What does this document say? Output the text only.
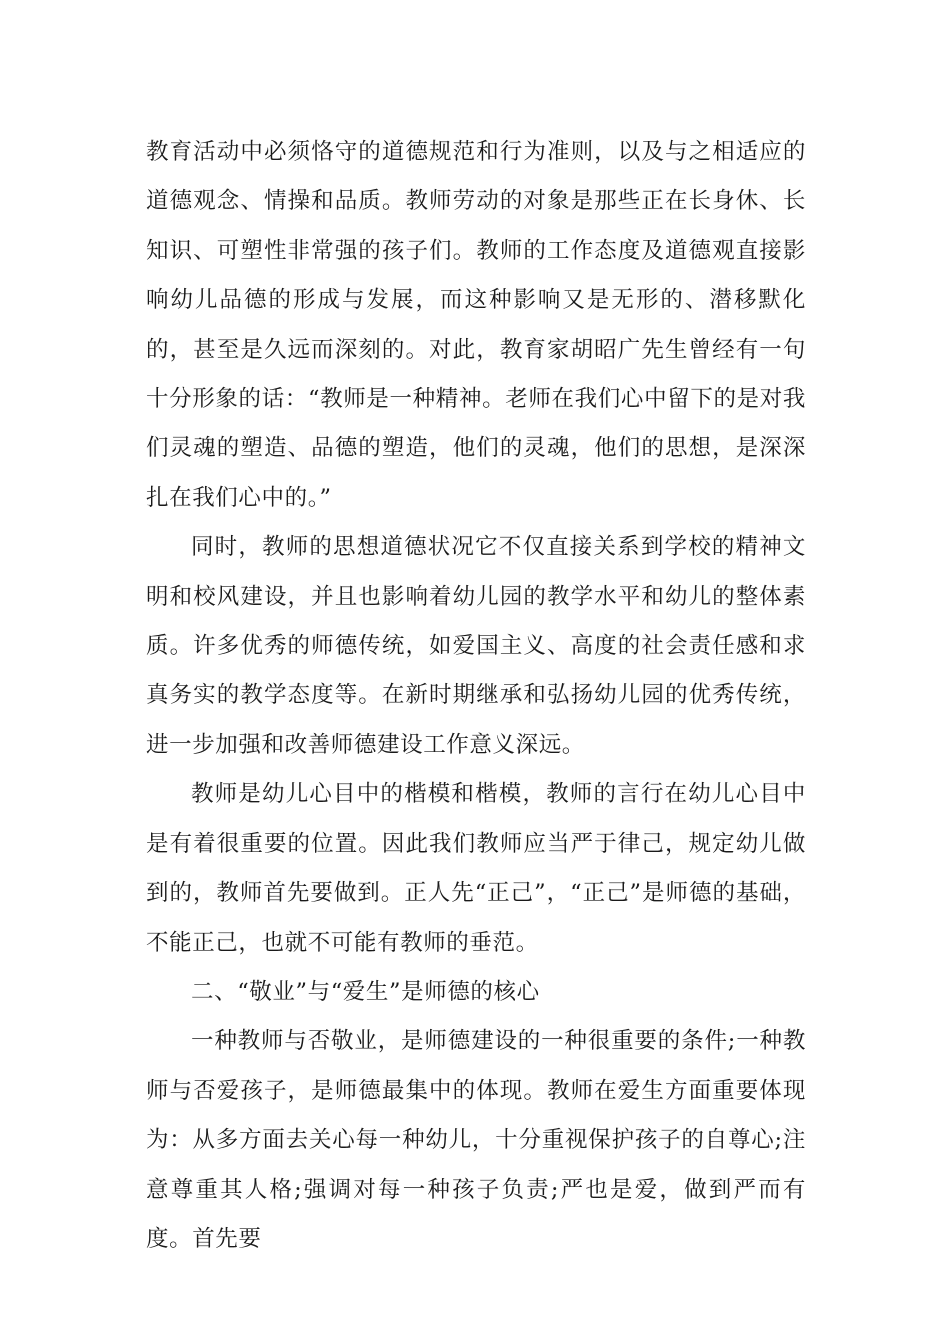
教育活动中必须恪守的道德规范和行为准则，以及与之相适应的道德观念、情操和品质。教师劳动的对象是那些正在长身休、长知识、可塑性非常强的孩子们。教师的工作态度及道德观直接影响幼儿品德的形成与发展，而这种影响又是无形的、潜移默化的，甚至是久远而深刻的。对此，教育家胡昭广先生曾经有一句十分形象的话：“教师是一种精神。老师在我们心中留下的是对我们灵魂的塑造、品德的塑造，他们的灵魂，他们的思想，是深深扎在我们心中的。”

同时，教师的思想道德状况它不仅直接关系到学校的精神文明和校风建设，并且也影响着幼儿园的教学水平和幼儿的整体素质。许多优秀的师德传统，如爱国主义、高度的社会责任感和求真务实的教学态度等。在新时期继承和弘扬幼儿园的优秀传统，进一步加强和改善师德建设工作意义深远。

教师是幼儿心目中的楷模和楷模，教师的言行在幼儿心目中是有着很重要的位置。因此我们教师应当严于律己，规定幼儿做到的，教师首先要做到。正人先“正己”，“正己”是师德的基础，不能正己，也就不可能有教师的垂范。

二、“敬业”与“爱生”是师德的核心

一种教师与否敬业，是师德建设的一种很重要的条件;一种教师与否爱孩子，是师德最集中的体现。教师在爱生方面重要体现为：从多方面去关心每一种幼儿，十分重视保护孩子的自尊心;注意尊重其人格;强调对每一种孩子负责;严也是爱，做到严而有度。首先要
